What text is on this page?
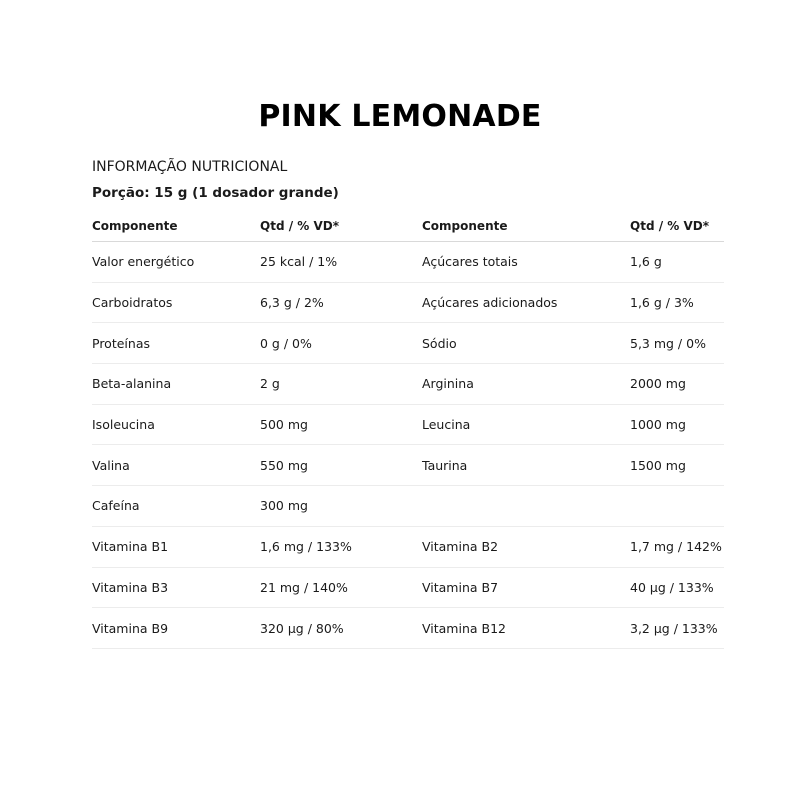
PINK LEMONADE

INFORMAÇÃO NUTRICIONAL

Porção: 15 g (1 dosador grande)

Componente	Qtd / % VD*	Componente	Qtd / % VD*
Valor energético	25 kcal / 1%	Açúcares totais	1,6 g
Carboidratos	6,3 g / 2%	Açúcares adicionados	1,6 g / 3%
Proteínas	0 g / 0%	Sódio	5,3 mg / 0%
Beta-alanina	2 g	Arginina	2000 mg
Isoleucina	500 mg	Leucina	1000 mg
Valina	550 mg	Taurina	1500 mg
Cafeína	300 mg		
Vitamina B1	1,6 mg / 133%	Vitamina B2	1,7 mg / 142%
Vitamina B3	21 mg / 140%	Vitamina B7	40 µg / 133%
Vitamina B9	320 µg / 80%	Vitamina B12	3,2 µg / 133%
